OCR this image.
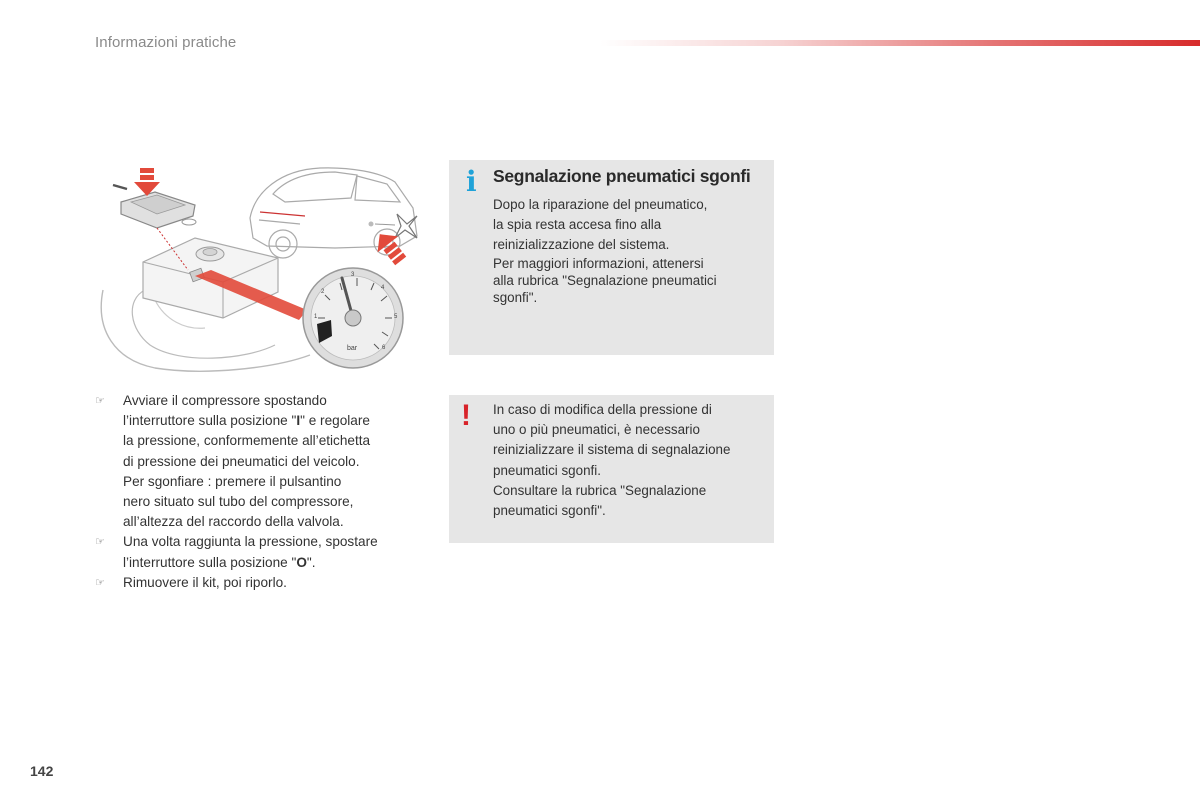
Informazioni pratiche
1
2
3
4
5
6
bar
☞ Avviare il compressore spostando
l’interruttore sulla posizione "I" e regolare
la pressione, conformemente all’etichetta
di pressione dei pneumatici del veicolo.
Per sgonfiare : premere il pulsantino
nero situato sul tubo del compressore,
all’altezza del raccordo della valvola.
☞ Una volta raggiunta la pressione, spostare
l’interruttore sulla posizione "O".
☞ Rimuovere il kit, poi riporlo.
i Segnalazione pneumatici sgonfi
Dopo la riparazione del pneumatico,
la spia resta accesa fino alla
reinizializzazione del sistema.
Per maggiori informazioni, attenersi
alla rubrica "Segnalazione pneumatici
sgonfi".
! In caso di modifica della pressione di
uno o più pneumatici, è necessario
reinizializzare il sistema di segnalazione
pneumatici sgonfi.
Consultare la rubrica "Segnalazione
pneumatici sgonfi".
142
